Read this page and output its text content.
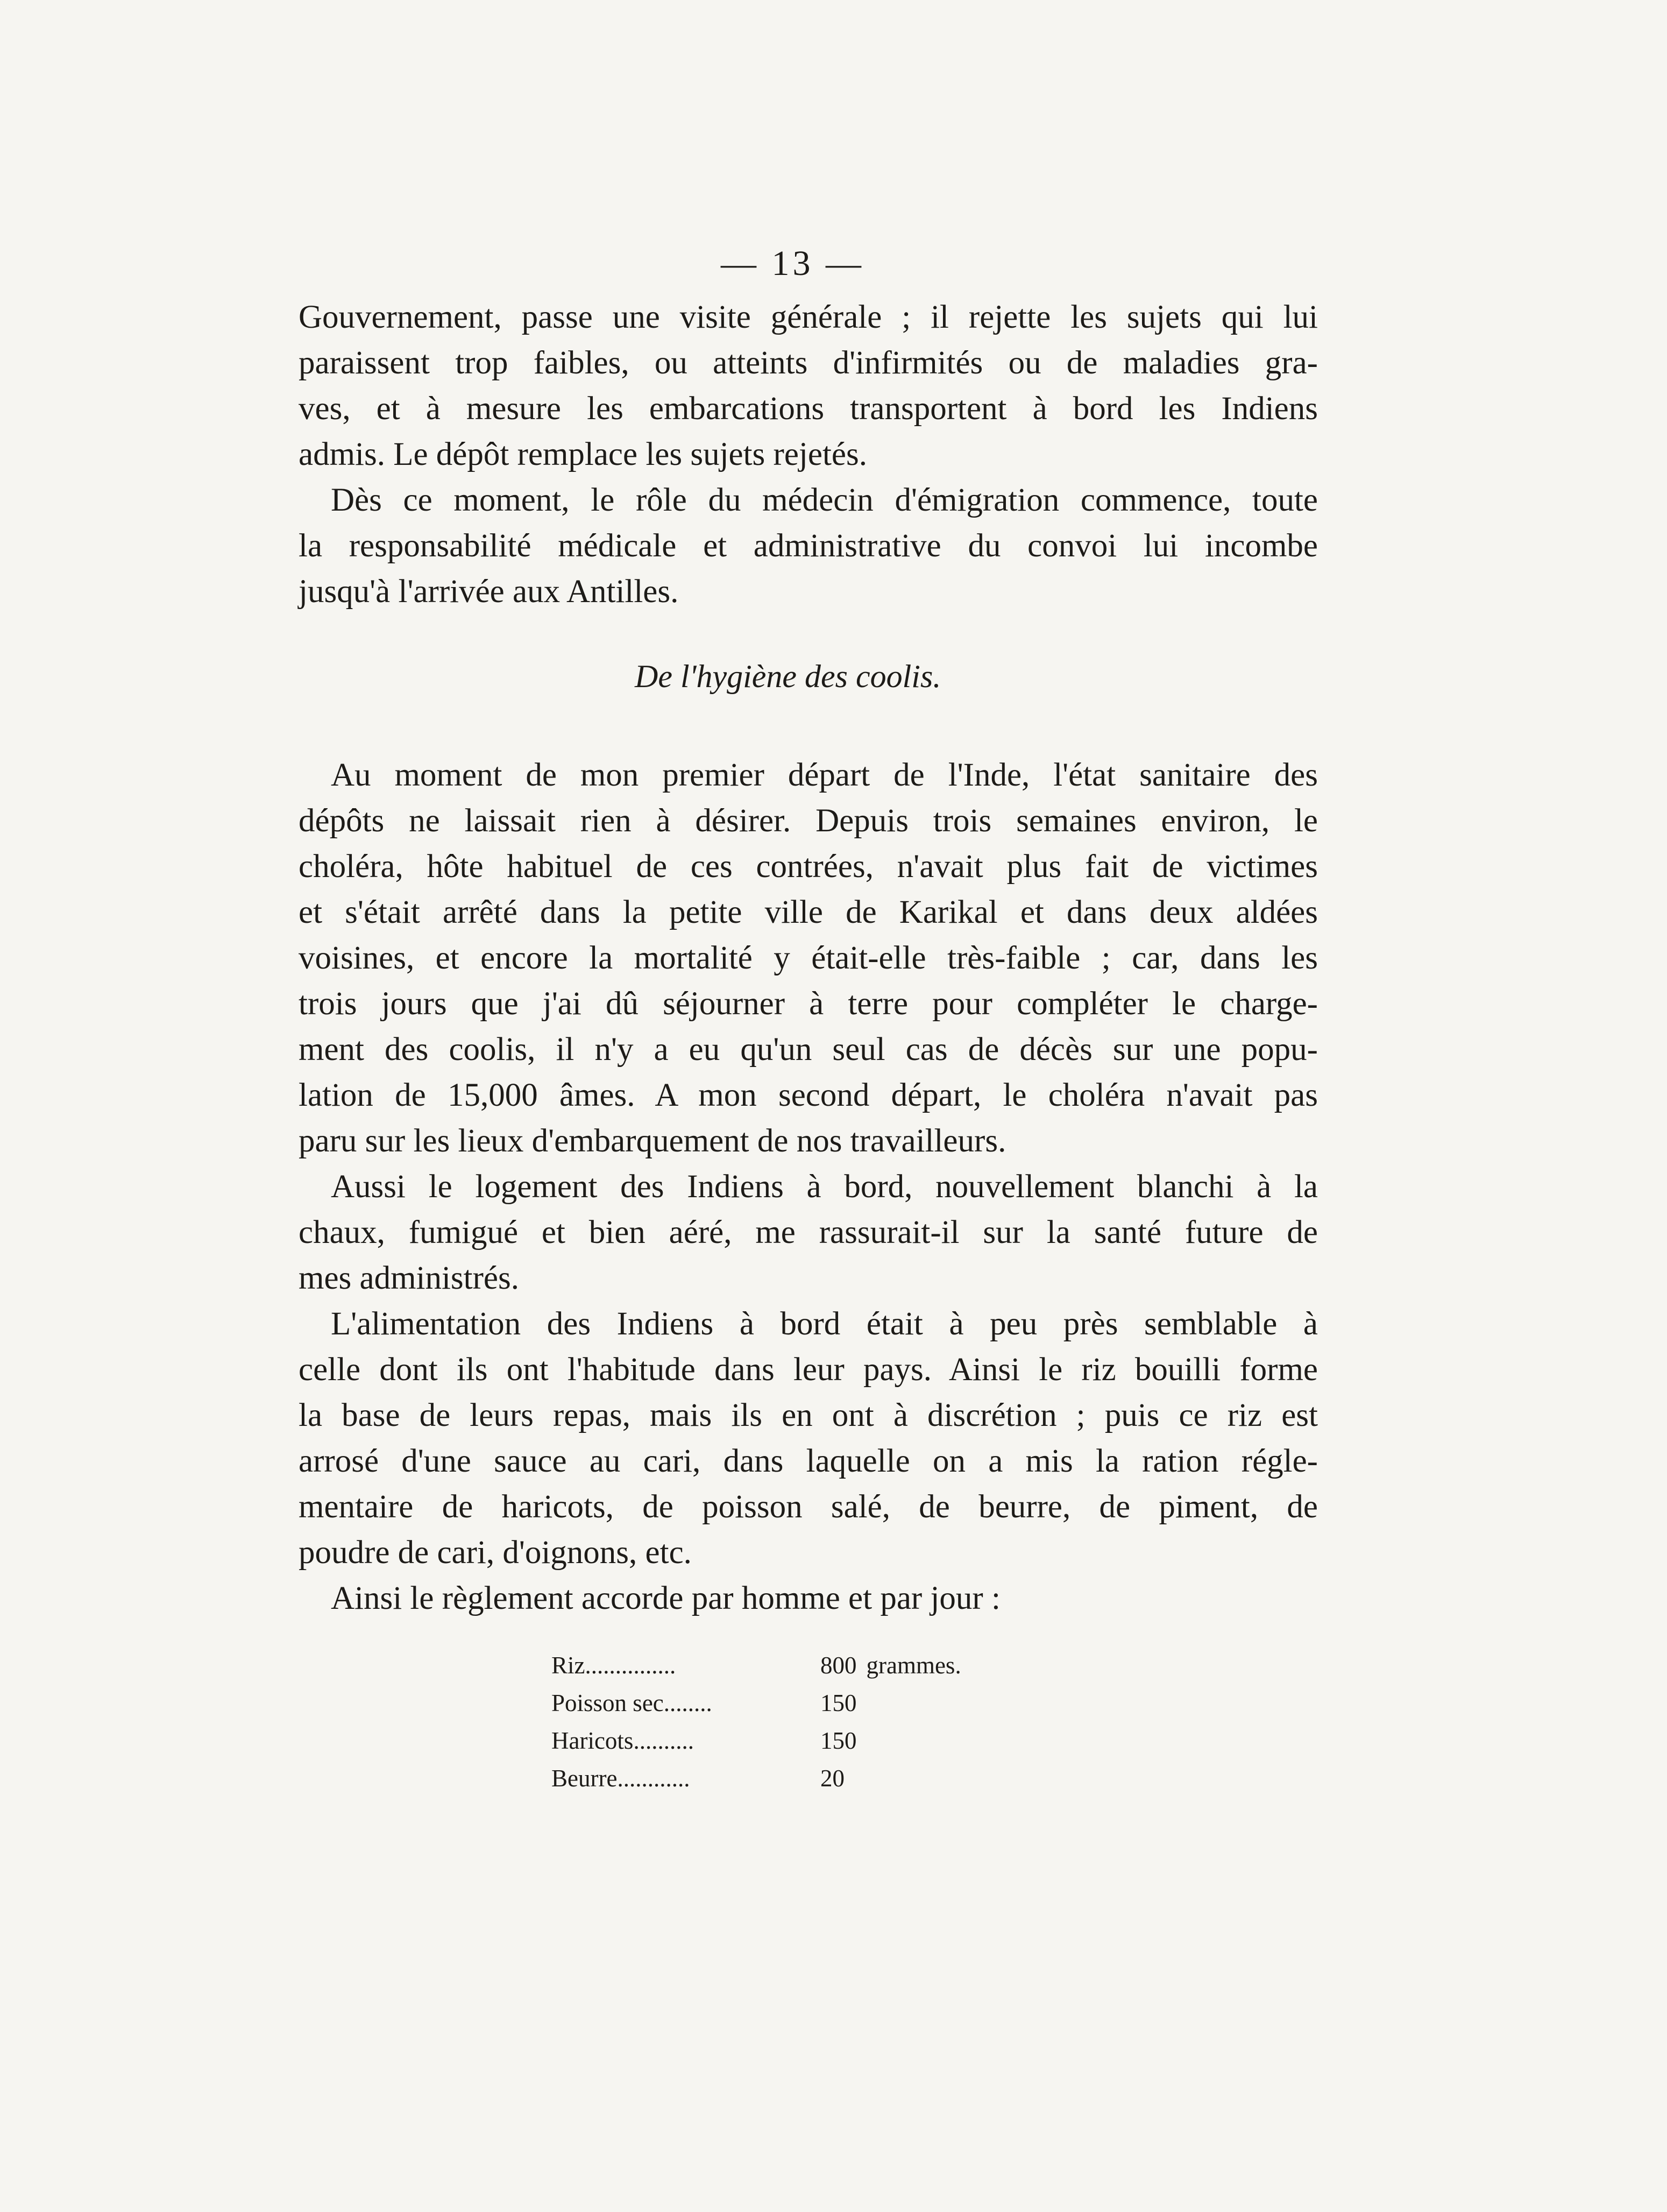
— 13 —
Gouvernement, passe une visite générale ; il rejette les sujets qui lui
paraissent trop faibles, ou atteints d'infirmités ou de maladies gra-
ves, et à mesure les embarcations transportent à bord les Indiens
admis. Le dépôt remplace les sujets rejetés.
Dès ce moment, le rôle du médecin d'émigration commence, toute
la responsabilité médicale et administrative du convoi lui incombe
jusqu'à l'arrivée aux Antilles.
De l'hygiène des coolis.
Au moment de mon premier départ de l'Inde, l'état sanitaire des
dépôts ne laissait rien à désirer. Depuis trois semaines environ, le
choléra, hôte habituel de ces contrées, n'avait plus fait de victimes
et s'était arrêté dans la petite ville de Karikal et dans deux aldées
voisines, et encore la mortalité y était-elle très-faible ; car, dans les
trois jours que j'ai dû séjourner à terre pour compléter le charge-
ment des coolis, il n'y a eu qu'un seul cas de décès sur une popu-
lation de 15,000 âmes. A mon second départ, le choléra n'avait pas
paru sur les lieux d'embarquement de nos travailleurs.
Aussi le logement des Indiens à bord, nouvellement blanchi à la
chaux, fumigué et bien aéré, me rassurait-il sur la santé future de
mes administrés.
L'alimentation des Indiens à bord était à peu près semblable à
celle dont ils ont l'habitude dans leur pays. Ainsi le riz bouilli forme
la base de leurs repas, mais ils en ont à discrétion ; puis ce riz est
arrosé d'une sauce au cari, dans laquelle on a mis la ration régle-
mentaire de haricots, de poisson salé, de beurre, de piment, de
poudre de cari, d'oignons, etc.
Ainsi le règlement accorde par homme et par jour :
Riz...............	800 grammes.
Poisson sec........	150
Haricots..........	150
Beurre............	20
